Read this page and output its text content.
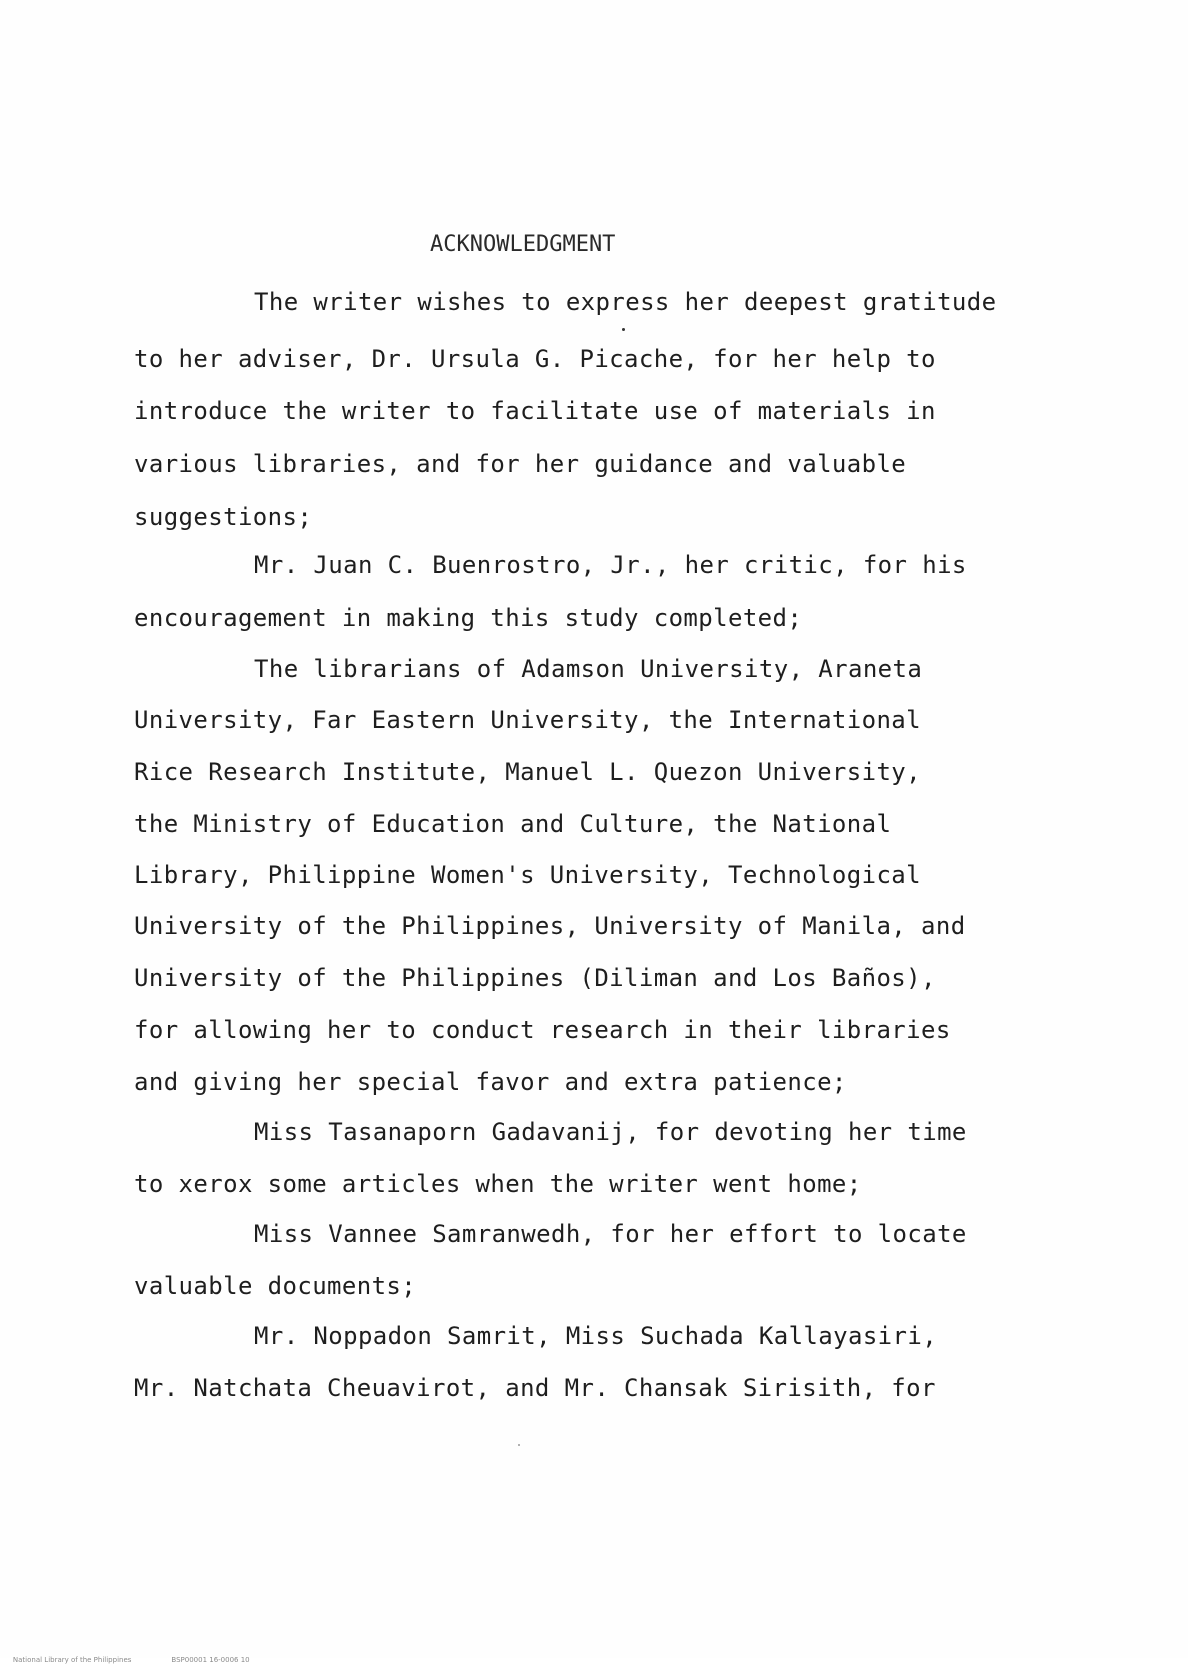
ACKNOWLEDGMENT
The writer wishes to express her deepest gratitude
to her adviser, Dr. Ursula G. Picache, for her help to
introduce the writer to facilitate use of materials in
various libraries, and for her guidance and valuable
suggestions;
Mr. Juan C. Buenrostro, Jr., her critic, for his
encouragement in making this study completed;
The librarians of Adamson University, Araneta
University, Far Eastern University, the International
Rice Research Institute, Manuel L. Quezon University,
the Ministry of Education and Culture, the National
Library, Philippine Women's University, Technological
University of the Philippines, University of Manila, and
University of the Philippines (Diliman and Los Baños),
for allowing her to conduct research in their libraries
and giving her special favor and extra patience;
Miss Tasanaporn Gadavanij, for devoting her time
to xerox some articles when the writer went home;
Miss Vannee Samranwedh, for her effort to locate
valuable documents;
Mr. Noppadon Samrit, Miss Suchada Kallayasiri,
Mr. Natchata Cheuavirot, and Mr. Chansak Sirisith, for

National Library of the Philippines	BSP00001 16-0006 10
